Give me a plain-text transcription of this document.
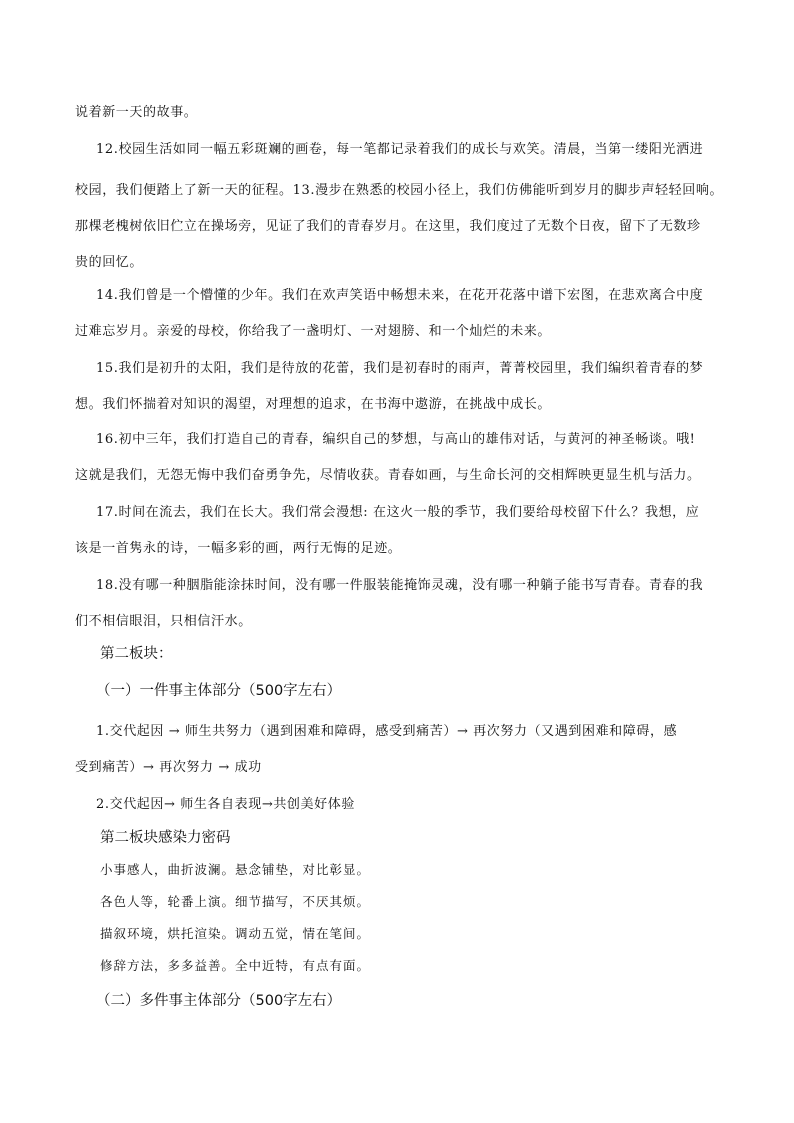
说着新一天的故事。
12.校园生活如同一幅五彩斑斓的画卷，每一笔都记录着我们的成长与欢笑。清晨，当第一缕阳光洒进
校园，我们便踏上了新一天的征程。13.漫步在熟悉的校园小径上，我们仿佛能听到岁月的脚步声轻轻回响。
那棵老槐树依旧伫立在操场旁，见证了我们的青春岁月。在这里，我们度过了无数个日夜，留下了无数珍
贵的回忆。
14.我们曾是一个懵懂的少年。我们在欢声笑语中畅想未来，在花开花落中谱下宏图，在悲欢离合中度
过难忘岁月。亲爱的母校，你给我了一盏明灯、一对翅膀、和一个灿烂的未来。
15.我们是初升的太阳，我们是待放的花蕾，我们是初春时的雨声，菁菁校园里，我们编织着青春的梦
想。我们怀揣着对知识的渴望，对理想的追求，在书海中遨游，在挑战中成长。
16.初中三年，我们打造自己的青春，编织自己的梦想，与高山的雄伟对话，与黄河的神圣畅谈。哦!
这就是我们，无怨无悔中我们奋勇争先，尽情收获。青春如画，与生命长河的交相辉映更显生机与活力。
17.时间在流去，我们在长大。我们常会漫想: 在这火一般的季节，我们要给母校留下什么？我想，应
该是一首隽永的诗，一幅多彩的画，两行无悔的足迹。
18.没有哪一种胭脂能涂抹时间，没有哪一件服装能掩饰灵魂，没有哪一种躺子能书写青春。青春的我
们不相信眼泪，只相信汗水。
第二板块：
（一）一件事主体部分（500字左右）
1.交代起因 → 师生共努力（遇到困难和障碍，感受到痛苦）→ 再次努力（又遇到困难和障碍，感
受到痛苦）→ 再次努力 → 成功
2.交代起因→ 师生各自表现→共创美好体验
第二板块感染力密码
小事感人，曲折波澜。悬念铺垫，对比彰显。
各色人等，轮番上演。细节描写，不厌其烦。
描叙环境，烘托渲染。调动五觉，情在笔间。
修辞方法，多多益善。全中近特，有点有面。
（二）多件事主体部分（500字左右）
